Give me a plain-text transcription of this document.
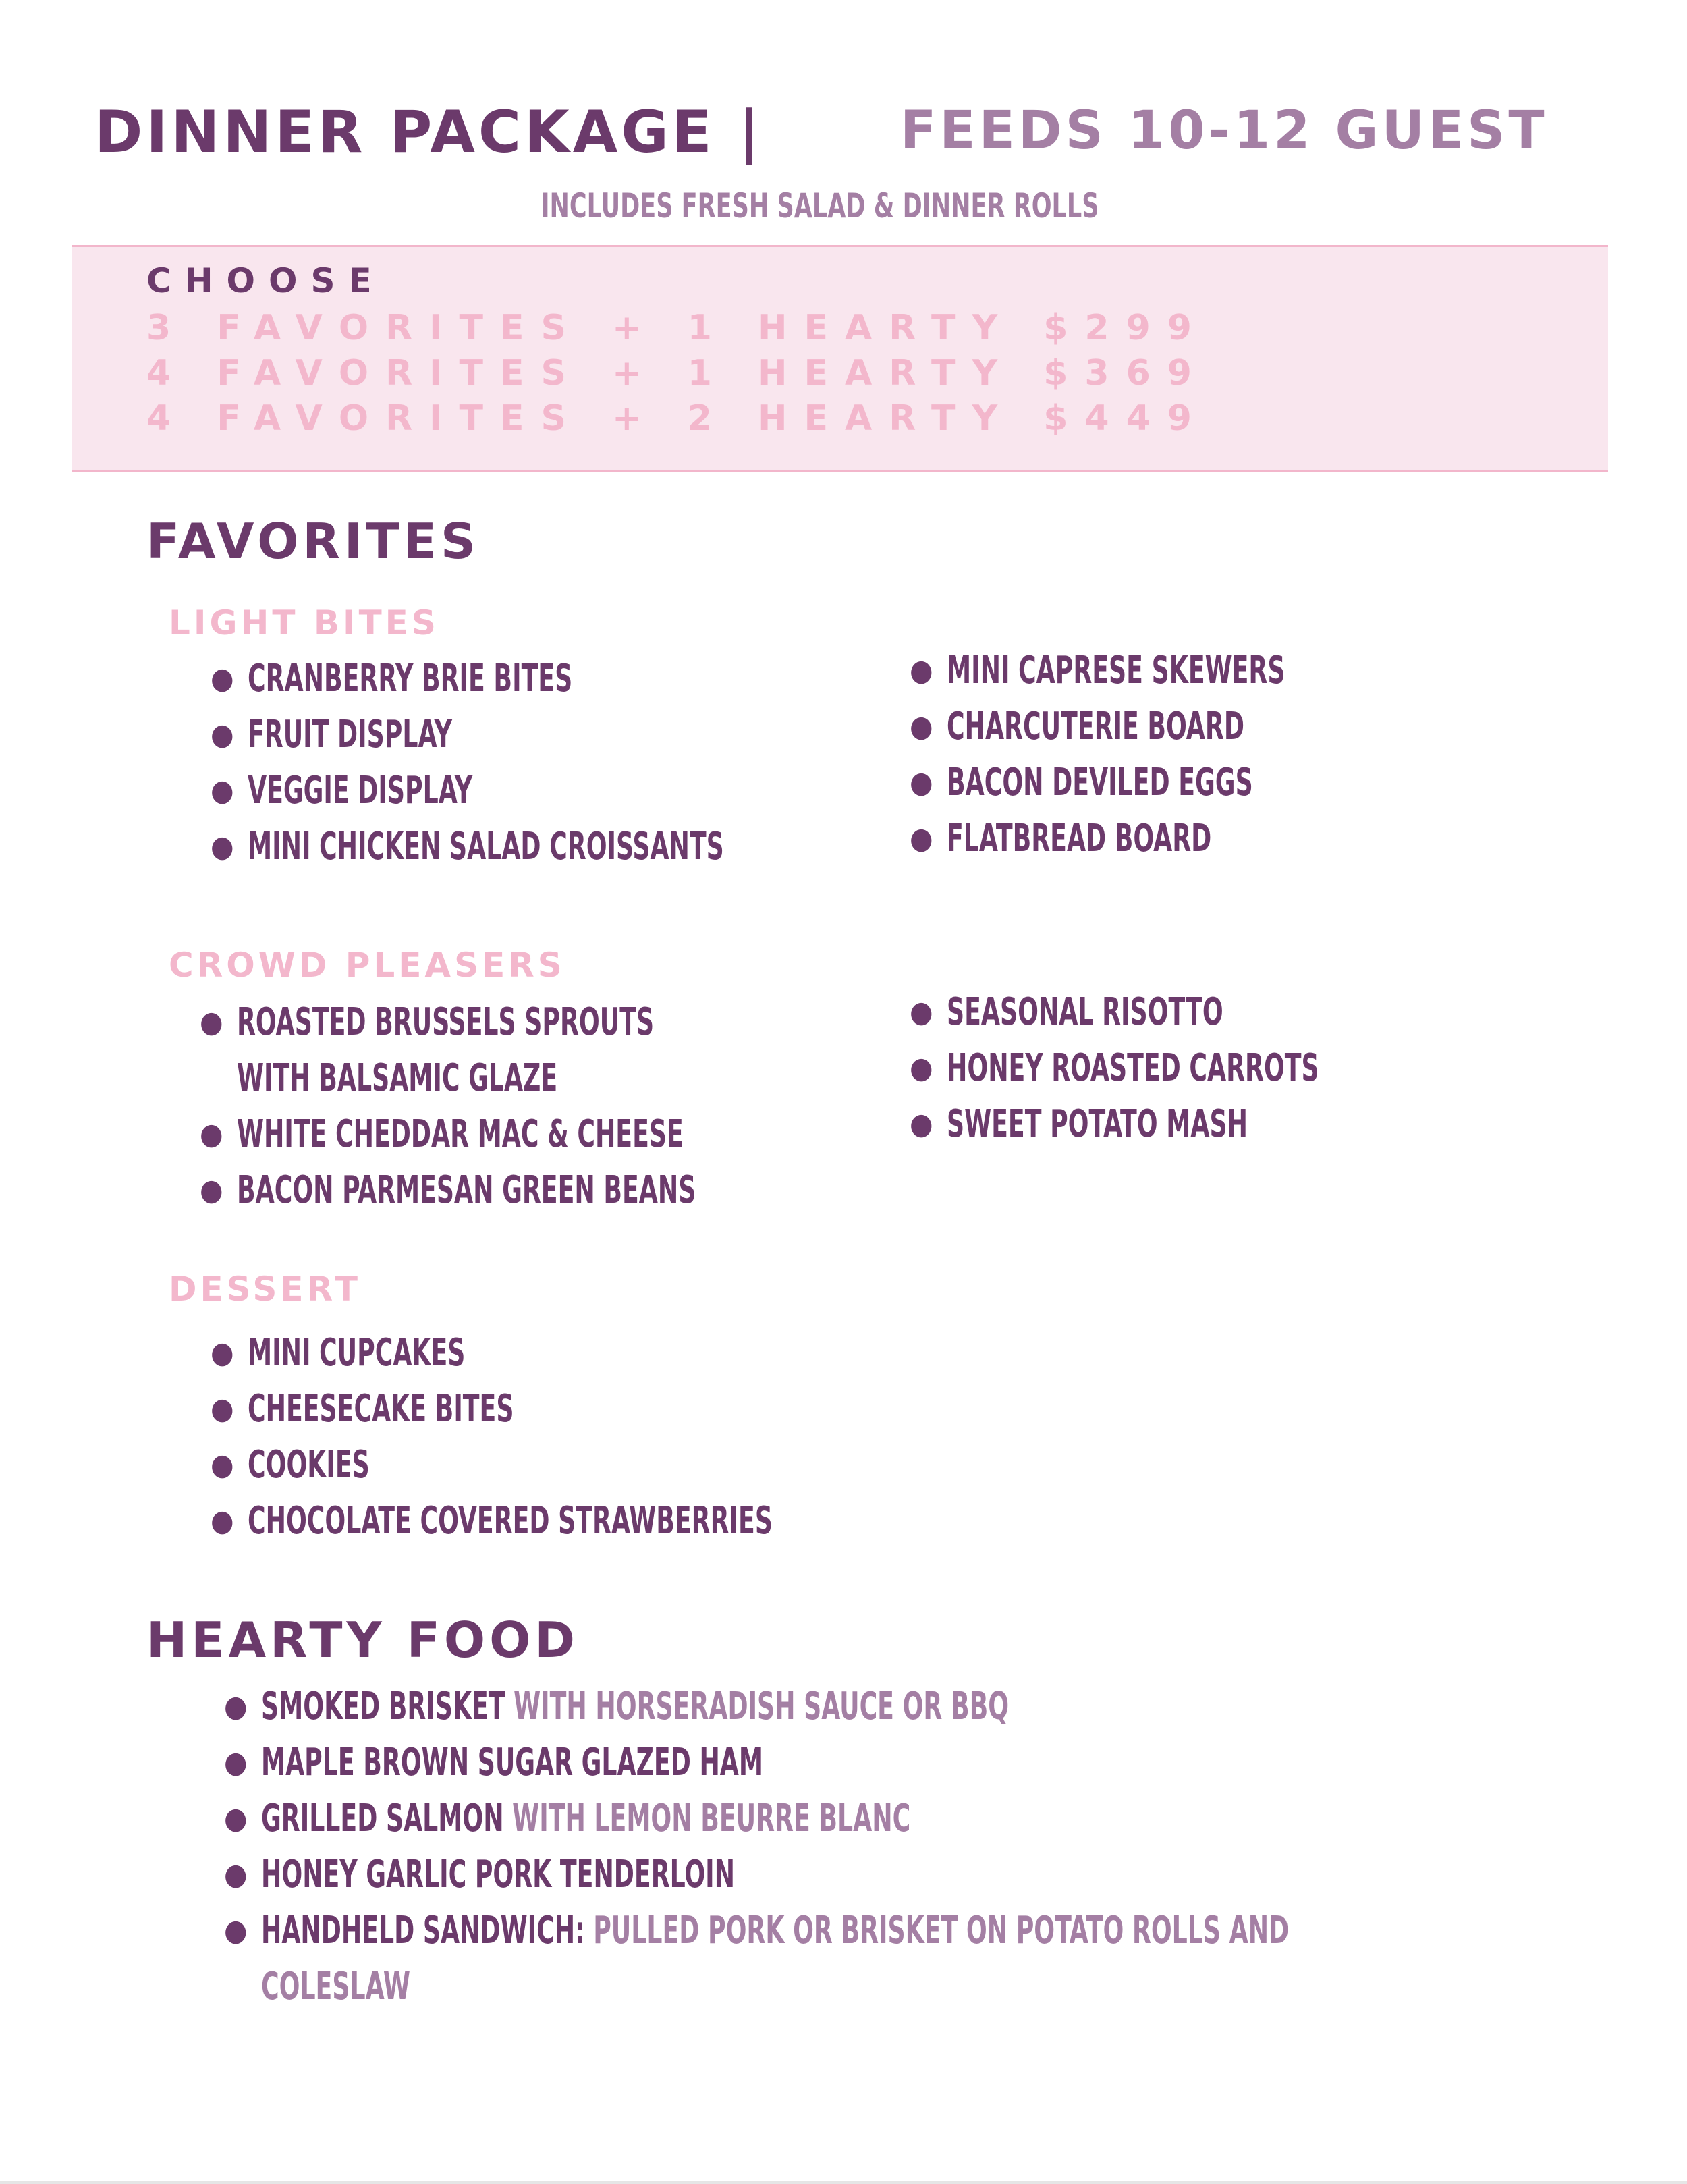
DINNER PACKAGE |	FEEDS 10-12 GUEST
INCLUDES FRESH SALAD & DINNER ROLLS
CHOOSE
3 FAVORITES + 1 HEARTY $299
4 FAVORITES + 1 HEARTY $369
4 FAVORITES + 2 HEARTY $449
FAVORITES
LIGHT BITES
● CRANBERRY BRIE BITES
● FRUIT DISPLAY
● VEGGIE DISPLAY
● MINI CHICKEN SALAD CROISSANTS
● MINI CAPRESE SKEWERS
● CHARCUTERIE BOARD
● BACON DEVILED EGGS
● FLATBREAD BOARD
CROWD PLEASERS
● ROASTED BRUSSELS SPROUTS
WITH BALSAMIC GLAZE
● WHITE CHEDDAR MAC & CHEESE
● BACON PARMESAN GREEN BEANS
● SEASONAL RISOTTO
● HONEY ROASTED CARROTS
● SWEET POTATO MASH
DESSERT
● MINI CUPCAKES
● CHEESECAKE BITES
● COOKIES
● CHOCOLATE COVERED STRAWBERRIES
HEARTY FOOD
● SMOKED BRISKET WITH HORSERADISH SAUCE OR BBQ
● MAPLE BROWN SUGAR GLAZED HAM
● GRILLED SALMON WITH LEMON BEURRE BLANC
● HONEY GARLIC PORK TENDERLOIN
● HANDHELD SANDWICH: PULLED PORK OR BRISKET ON POTATO ROLLS AND
COLESLAW
